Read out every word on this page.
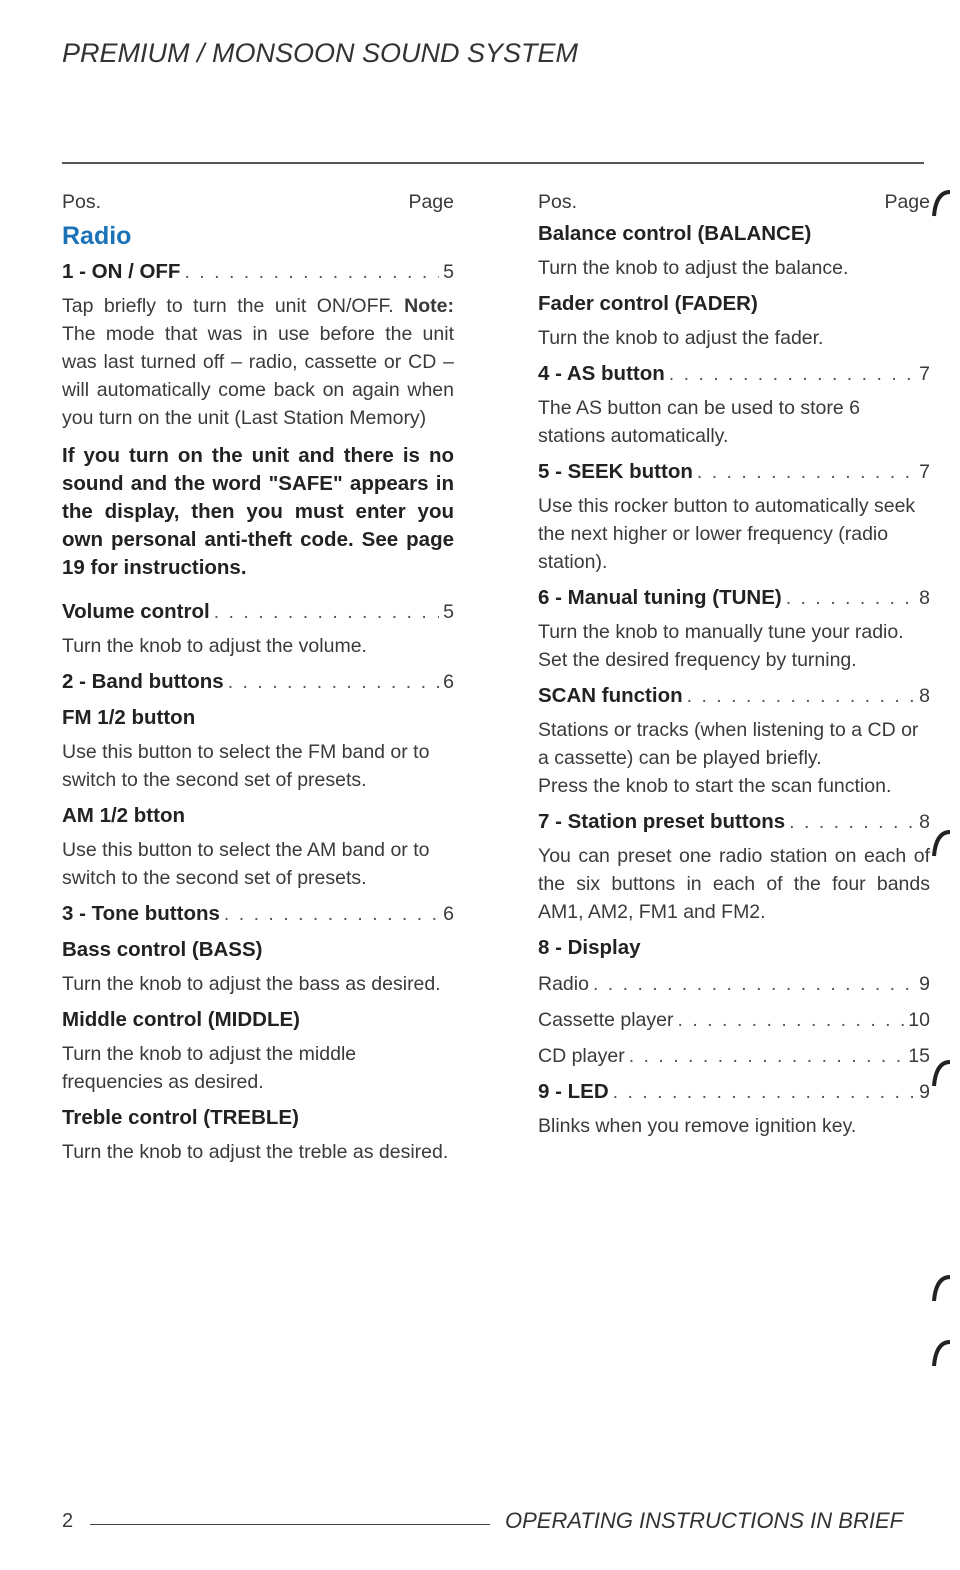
PREMIUM / MONSOON SOUND SYSTEM
Pos.	Page
Radio
1 - ON / OFF . . .	5
Tap briefly to turn the unit ON/OFF. Note: The mode that was in use before the unit was last turned off – radio, cassette or CD – will automatically come back on again when you turn on the unit (Last Station Memory)
If you turn on the unit and there is no sound and the word "SAFE" appears in the display, then you must enter you own personal anti-theft code. See page 19 for instructions.
Volume control . . .	5
Turn the knob to adjust the volume.
2 - Band buttons . . .	6
FM 1/2 button
Use this button to select the FM band or to switch to the second set of presets.
AM 1/2 btton
Use this button to select the AM band or to switch to the second set of presets.
3 - Tone buttons . . .	6
Bass control (BASS)
Turn the knob to adjust the bass as desired.
Middle control (MIDDLE)
Turn the knob to adjust the middle frequencies as desired.
Treble control (TREBLE)
Turn the knob to adjust the treble as desired.
Pos.	Page
Balance control (BALANCE)
Turn the knob to adjust the balance.
Fader control (FADER)
Turn the knob to adjust the fader.
4 - AS button . . .	7
The AS button can be used to store 6 stations automatically.
5 - SEEK button . . .	7
Use this rocker button to automatically seek the next higher or lower frequency (radio station).
6 - Manual tuning (TUNE) . . .	8
Turn the knob to manually tune your radio. Set the desired frequency by turning.
SCAN function . . .	8
Stations or tracks (when listening to a CD or a cassette) can be played briefly.
Press the knob to start the scan function.
7 - Station preset buttons . . .	8
You can preset one radio station on each of the six buttons in each of the four bands AM1, AM2, FM1 and FM2.
8 - Display
Radio . . .	9
Cassette player . . .	10
CD player . . .	15
9 - LED . . .	9
Blinks when you remove ignition key.
2	OPERATING INSTRUCTIONS IN BRIEF
